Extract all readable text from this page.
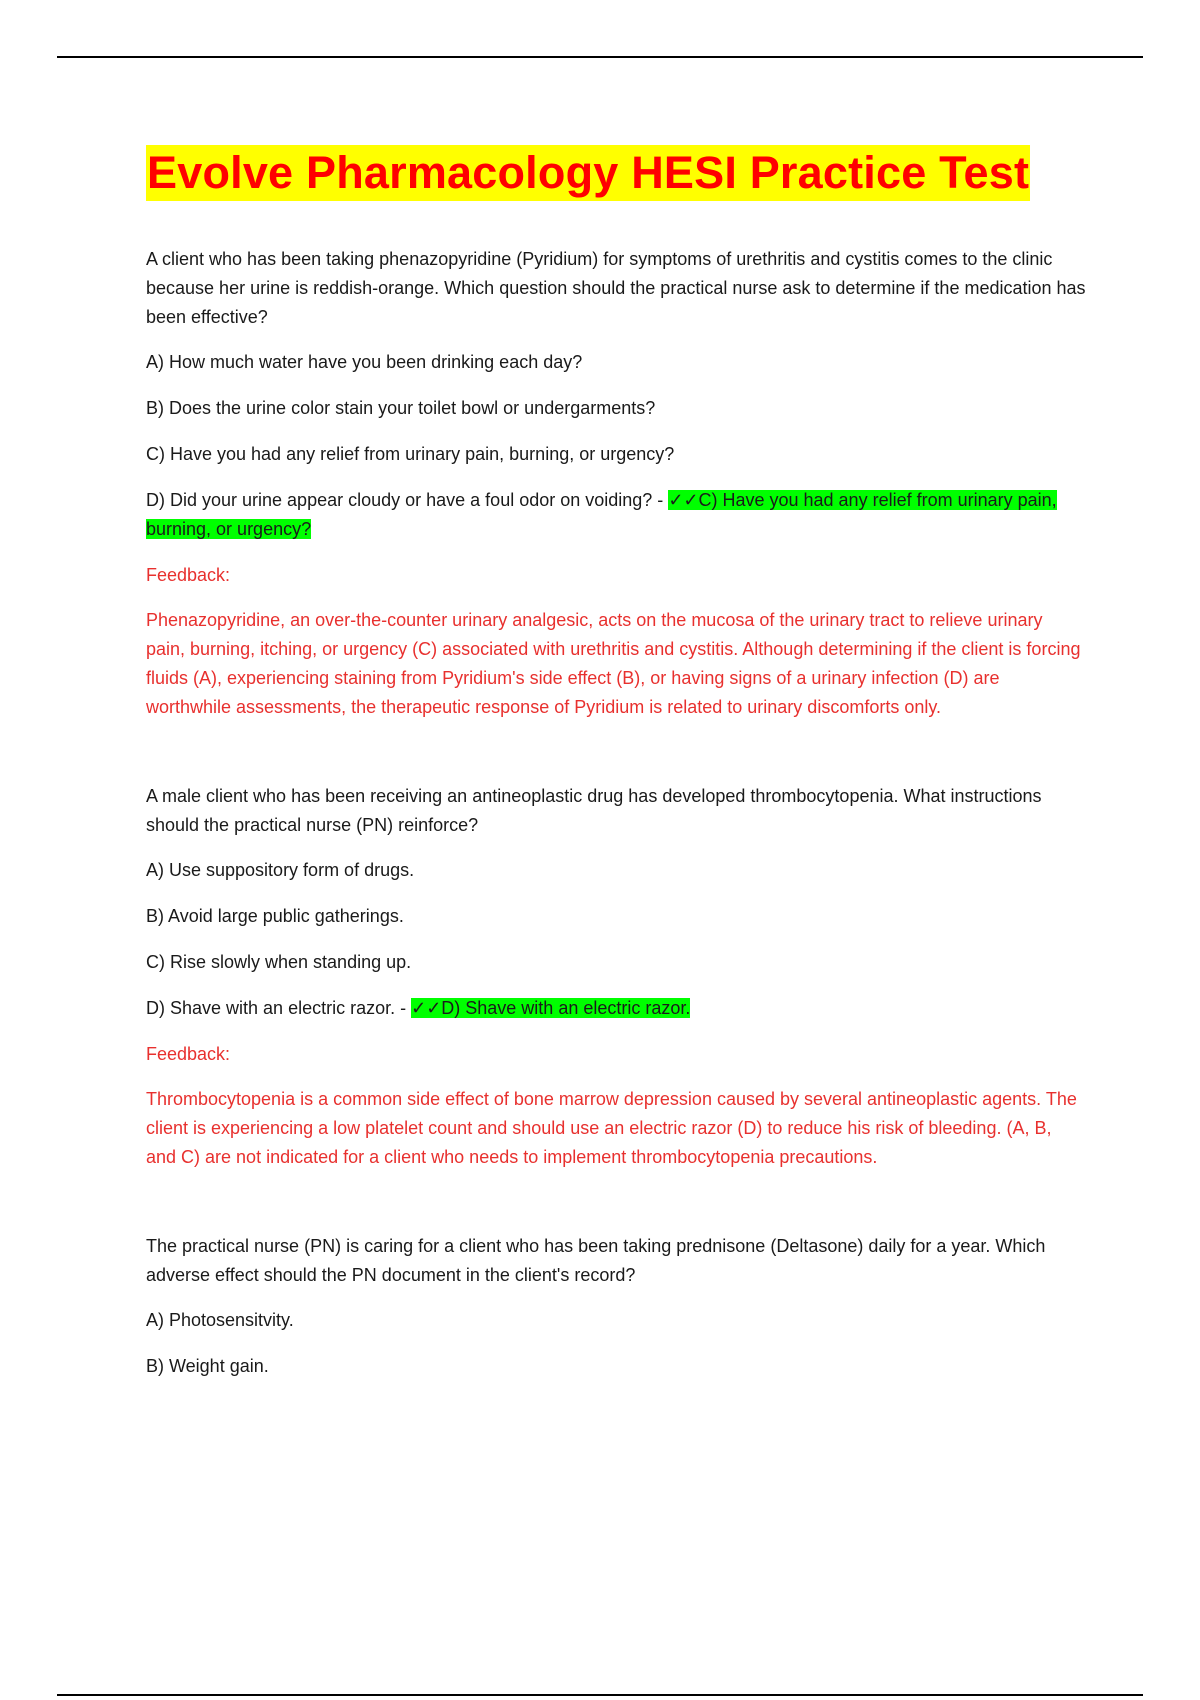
Evolve Pharmacology HESI Practice Test

A client who has been taking phenazopyridine (Pyridium) for symptoms of urethritis and cystitis comes to the clinic because her urine is reddish-orange. Which question should the practical nurse ask to determine if the medication has been effective?

A) How much water have you been drinking each day?

B) Does the urine color stain your toilet bowl or undergarments?

C) Have you had any relief from urinary pain, burning, or urgency?

D) Did your urine appear cloudy or have a foul odor on voiding? - ✓✓C) Have you had any relief from urinary pain, burning, or urgency?

Feedback:

Phenazopyridine, an over-the-counter urinary analgesic, acts on the mucosa of the urinary tract to relieve urinary pain, burning, itching, or urgency (C) associated with urethritis and cystitis. Although determining if the client is forcing fluids (A), experiencing staining from Pyridium's side effect (B), or having signs of a urinary infection (D) are worthwhile assessments, the therapeutic response of Pyridium is related to urinary discomforts only.

A male client who has been receiving an antineoplastic drug has developed thrombocytopenia. What instructions should the practical nurse (PN) reinforce?

A) Use suppository form of drugs.

B) Avoid large public gatherings.

C) Rise slowly when standing up.

D) Shave with an electric razor. - ✓✓D) Shave with an electric razor.

Feedback:

Thrombocytopenia is a common side effect of bone marrow depression caused by several antineoplastic agents. The client is experiencing a low platelet count and should use an electric razor (D) to reduce his risk of bleeding. (A, B, and C) are not indicated for a client who needs to implement thrombocytopenia precautions.

The practical nurse (PN) is caring for a client who has been taking prednisone (Deltasone) daily for a year. Which adverse effect should the PN document in the client's record?

A) Photosensitvity.

B) Weight gain.
